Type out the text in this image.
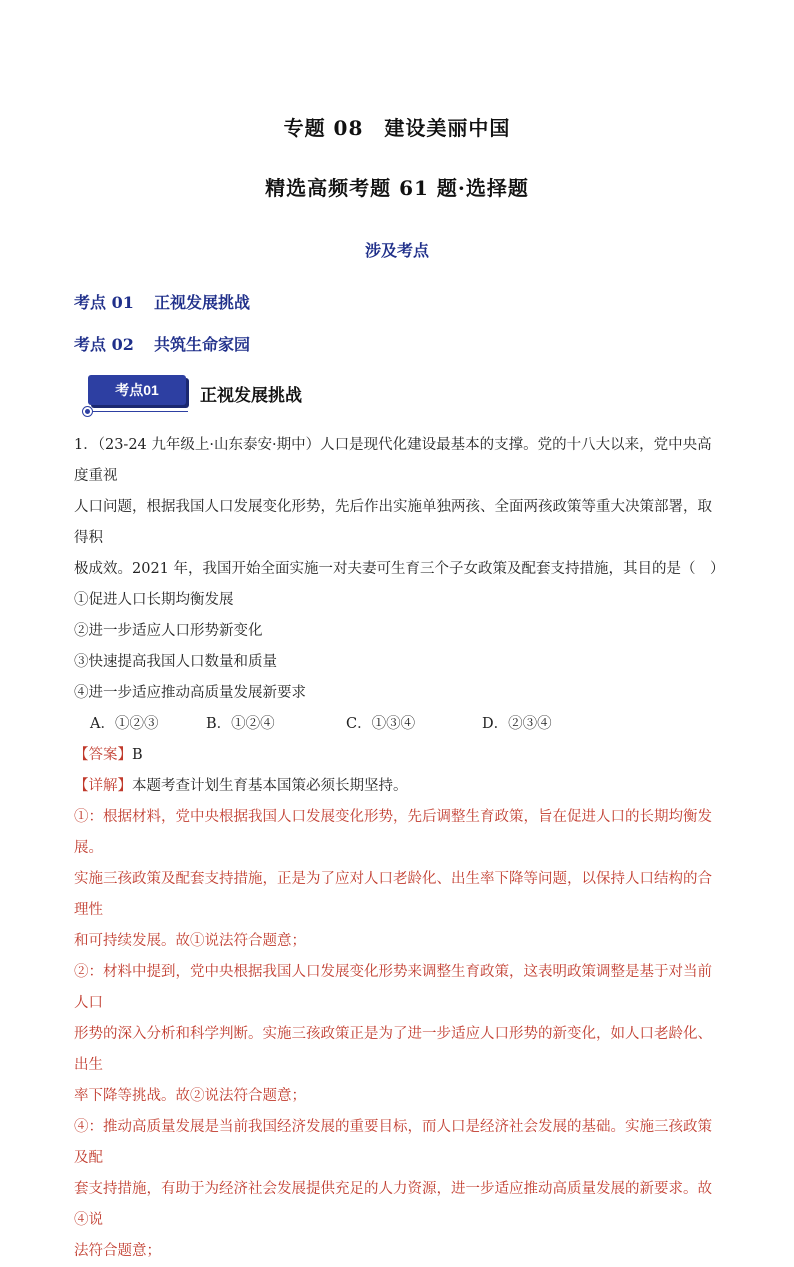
专题 08　建设美丽中国
精选高频考题 61 题·选择题
涉及考点
考点 01 正视发展挑战
考点 02 共筑生命家园
考点01	正视发展挑战

1．（23-24 九年级上·山东泰安·期中）人口是现代化建设最基本的支撑。党的十八大以来，党中央高度重视

人口问题，根据我国人口发展变化形势，先后作出实施单独两孩、全面两孩政策等重大决策部署，取得积

极成效。2021 年，我国开始全面实施一对夫妻可生育三个子女政策及配套支持措施，其目的是（　）

①促进人口长期均衡发展

②进一步适应人口形势新变化

③快速提高我国人口数量和质量

④进一步适应推动高质量发展新要求

A．①②③	B．①②④	C．①③④	D．②③④

【答案】B

【详解】本题考查计划生育基本国策必须长期坚持。

①：根据材料，党中央根据我国人口发展变化形势，先后调整生育政策，旨在促进人口的长期均衡发展。

实施三孩政策及配套支持措施，正是为了应对人口老龄化、出生率下降等问题，以保持人口结构的合理性

和可持续发展。故①说法符合题意；

②：材料中提到，党中央根据我国人口发展变化形势来调整生育政策，这表明政策调整是基于对当前人口

形势的深入分析和科学判断。实施三孩政策正是为了进一步适应人口形势的新变化，如人口老龄化、出生

率下降等挑战。故②说法符合题意；

④：推动高质量发展是当前我国经济发展的重要目标，而人口是经济社会发展的基础。实施三孩政策及配

套支持措施，有助于为经济社会发展提供充足的人力资源，进一步适应推动高质量发展的新要求。故④说

法符合题意；
